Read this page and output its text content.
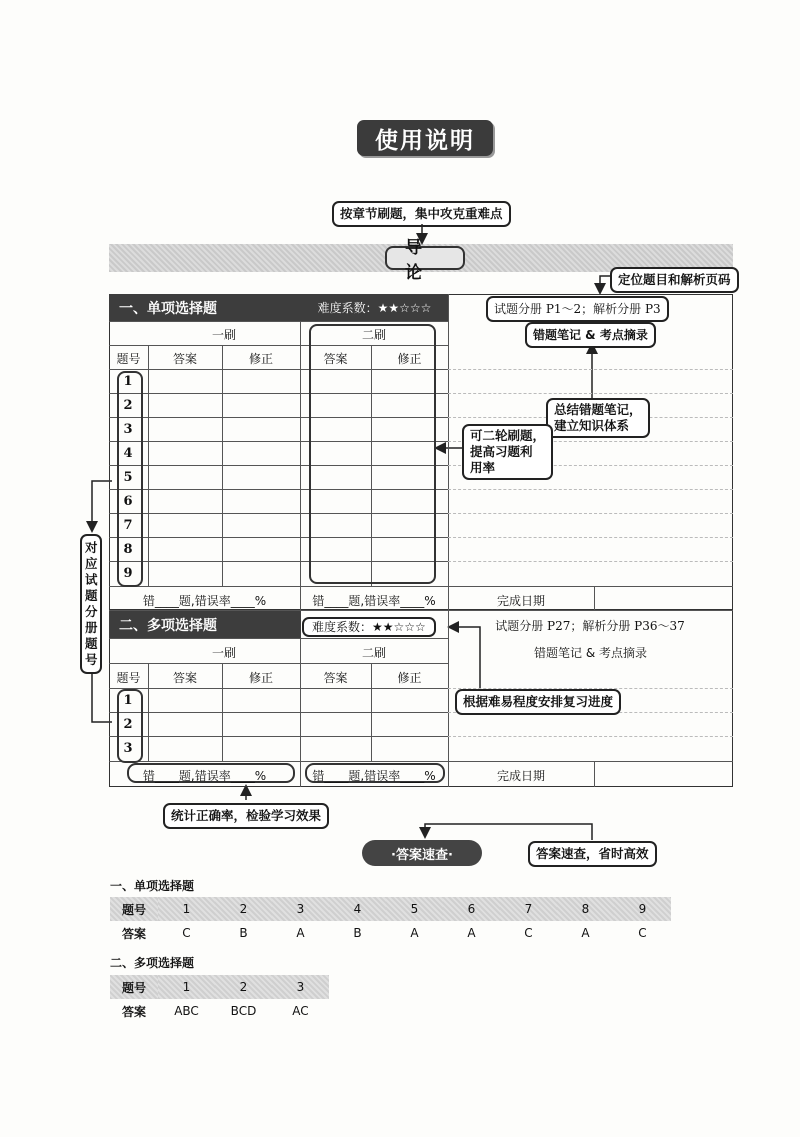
使用说明
按章节刷题，集中攻克重难点
导论	定位题目和解析页码
对应试题分册题号
一、单项选择题	难度系数：★★☆☆☆	试题分册 P1～2；解析分册 P3
一刷	二刷
题号	答案	修正	答案	修正
错题笔记 & 考点摘录
1
2
3
4
5
6
7
8
9
错____题,错误率____%	错____题,错误率____%	完成日期
总结错题笔记，
建立知识体系
可二轮刷题，
提高习题利
用率
二、多项选择题	难度系数：★★☆☆☆	试题分册 P27；解析分册 P36～37
一刷	二刷	错题笔记 & 考点摘录
题号	答案	修正	答案	修正
1
2
3
错____题,错误率____%	错____题,错误率____%	完成日期
根据难易程度安排复习进度
统计正确率，检验学习效果
·答案速查·	答案速查，省时高效
一、单项选择题
题号	1	2	3	4	5	6	7	8	9
答案	C	B	A	B	A	A	C	A	C
二、多项选择题
题号	1	2	3
答案	ABC	BCD	AC
